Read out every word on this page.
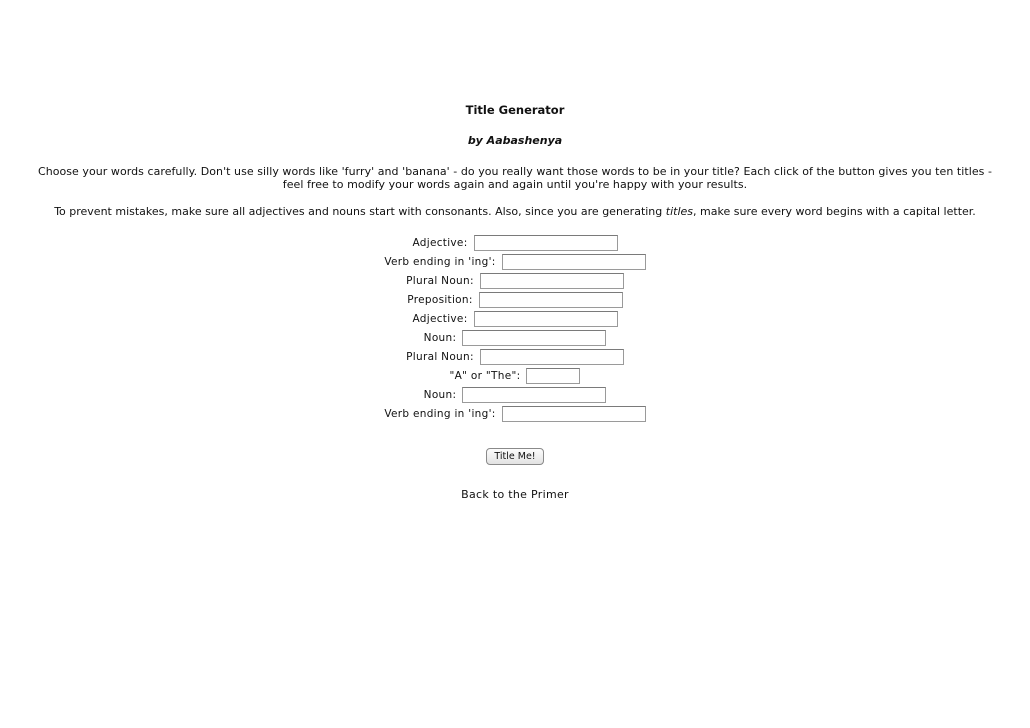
Title Generator
by Aabashenya
Choose your words carefully. Don't use silly words like 'furry' and 'banana' - do you really want those words to be in your title? Each click of the button gives you ten titles -
feel free to modify your words again and again until you're happy with your results.
To prevent mistakes, make sure all adjectives and nouns start with consonants. Also, since you are generating titles, make sure every word begins with a capital letter.
Adjective:
Verb ending in 'ing':
Plural Noun:
Preposition:
Adjective:
Noun:
Plural Noun:
"A" or "The":
Noun:
Verb ending in 'ing':
Title Me!
Back to the Primer
